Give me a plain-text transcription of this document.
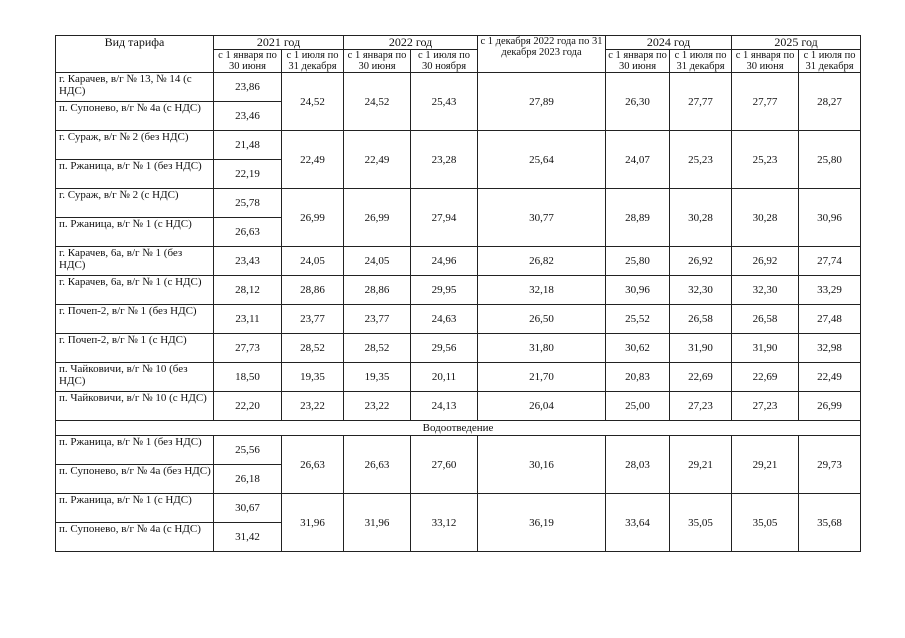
Вид тарифа	2021 год		2022 год		с 1 декабря 2022 года по 31 декабря 2023 года	2024 год		2025 год	
	с 1 января по 30 июня	с 1 июля по 31 декабря	с 1 января по 30 июня	с 1 июля по 30 ноября		с 1 января по 30 июня	с 1 июля по 31 декабря	с 1 января по 30 июня	с 1 июля по 31 декабря
г. Карачев, в/г № 13, № 14 (с НДС)	23,86	24,52	24,52	25,43	27,89	26,30	27,77	27,77	28,27
п. Супонево, в/г № 4а (с НДС)	23,46								
г. Сураж, в/г № 2 (без НДС)	21,48	22,49	22,49	23,28	25,64	24,07	25,23	25,23	25,80
п. Ржаница, в/г № 1 (без НДС)	22,19								
г. Сураж, в/г № 2 (с НДС)	25,78	26,99	26,99	27,94	30,77	28,89	30,28	30,28	30,96
п. Ржаница, в/г № 1 (с НДС)	26,63								
г. Карачев, 6а, в/г № 1 (без НДС)	23,43	24,05	24,05	24,96	26,82	25,80	26,92	26,92	27,74
г. Карачев, 6а, в/г № 1 (с НДС)	28,12	28,86	28,86	29,95	32,18	30,96	32,30	32,30	33,29
г. Почеп-2, в/г № 1 (без НДС)	23,11	23,77	23,77	24,63	26,50	25,52	26,58	26,58	27,48
г. Почеп-2, в/г № 1 (с НДС)	27,73	28,52	28,52	29,56	31,80	30,62	31,90	31,90	32,98
п. Чайковичи, в/г № 10 (без НДС)	18,50	19,35	19,35	20,11	21,70	20,83	22,69	22,69	22,49
п. Чайковичи, в/г № 10 (с НДС)	22,20	23,22	23,22	24,13	26,04	25,00	27,23	27,23	26,99
Водоотведение									
п. Ржаница, в/г № 1 (без НДС)	25,56	26,63	26,63	27,60	30,16	28,03	29,21	29,21	29,73
п. Супонево, в/г № 4а (без НДС)	26,18								
п. Ржаница, в/г № 1 (с НДС)	30,67	31,96	31,96	33,12	36,19	33,64	35,05	35,05	35,68
п. Супонево, в/г № 4а (с НДС)	31,42								
